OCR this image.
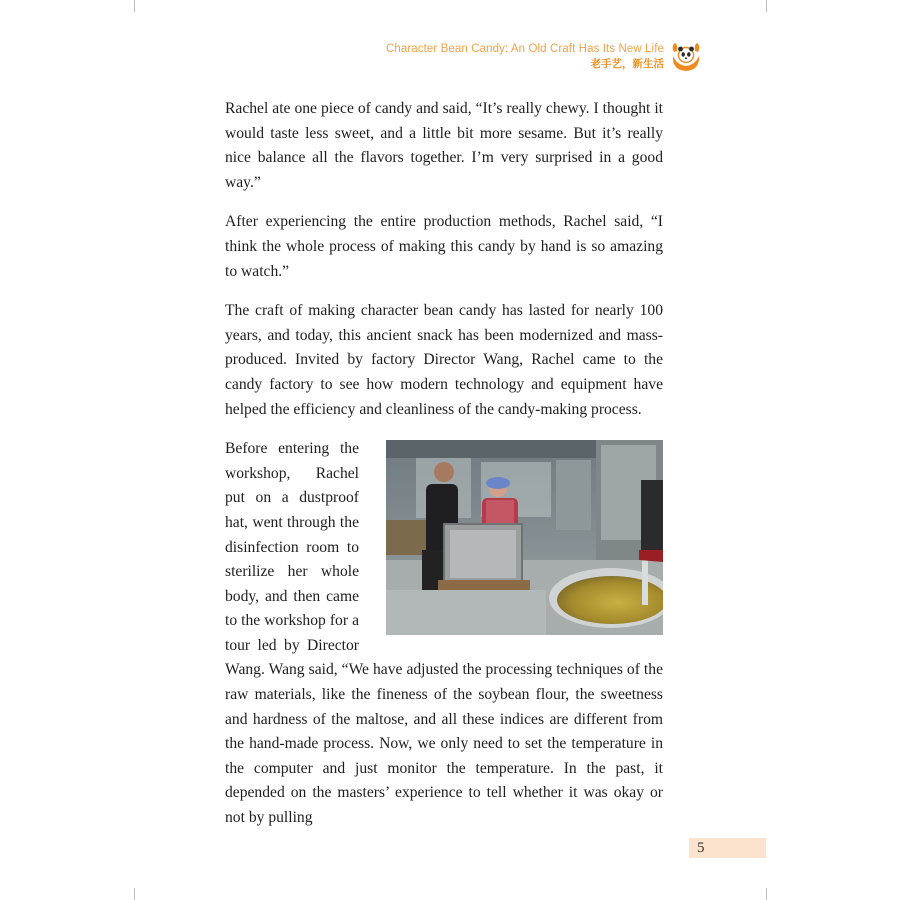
Character Bean Candy: An Old Craft Has Its New Life
老手艺，新生活

Rachel ate one piece of candy and said, “It’s really chewy. I thought it would taste less sweet, and a little bit more sesame. But it’s really nice balance all the flavors together. I’m very surprised in a good way.”

After experiencing the entire production methods, Rachel said, “I think the whole process of making this candy by hand is so amazing to watch.”

The craft of making character bean candy has lasted for nearly 100 years, and today, this ancient snack has been modernized and mass-produced. Invited by factory Director Wang, Rachel came to the candy factory to see how modern technology and equipment have helped the efficiency and cleanliness of the candy-making process.

Before entering the workshop, Rachel put on a dustproof hat, went through the disinfection room to sterilize her whole body, and then came to the workshop for a tour led by Director Wang. Wang said, “We have adjusted the processing techniques of the raw materials, like the fineness of the soybean flour, the sweetness and hardness of the maltose, and all these indices are different from the hand-made process. Now, we only need to set the temperature in the computer and just monitor the temperature. In the past, it depended on the masters’ experience to tell whether it was okay or not by pulling

5
